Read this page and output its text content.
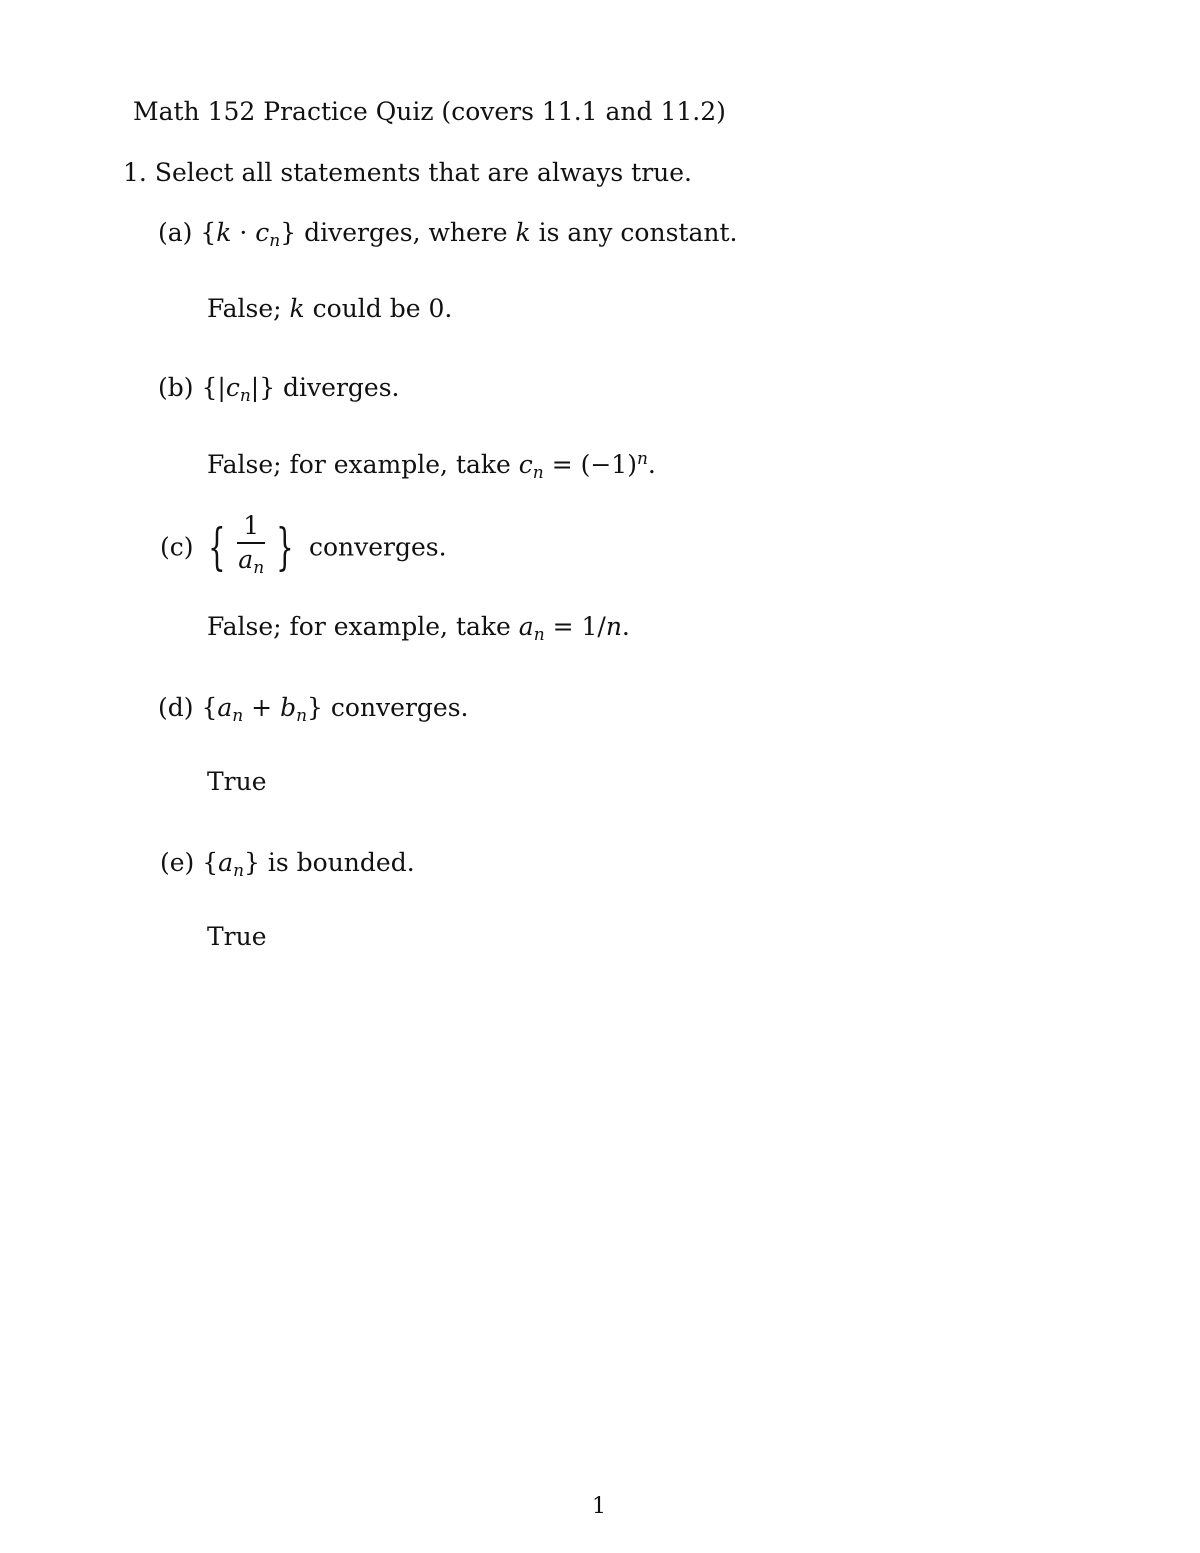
Math 152 Practice Quiz (covers 11.1 and 11.2)
1. Select all statements that are always true.
(a) $\{k \cdot c_n\}$ diverges, where k is any constant.
False; k could be 0.
(b) $\{|c_n|\}$ diverges.
False; for example, take $c_n = (-1)^n$.
(c) { $\frac{1}{a_n}$ } converges.
False; for example, take $a_n = 1/n$.
(d) $\{a_n + b_n\}$ converges.
True
(e) $\{a_n\}$ is bounded.
True
1
